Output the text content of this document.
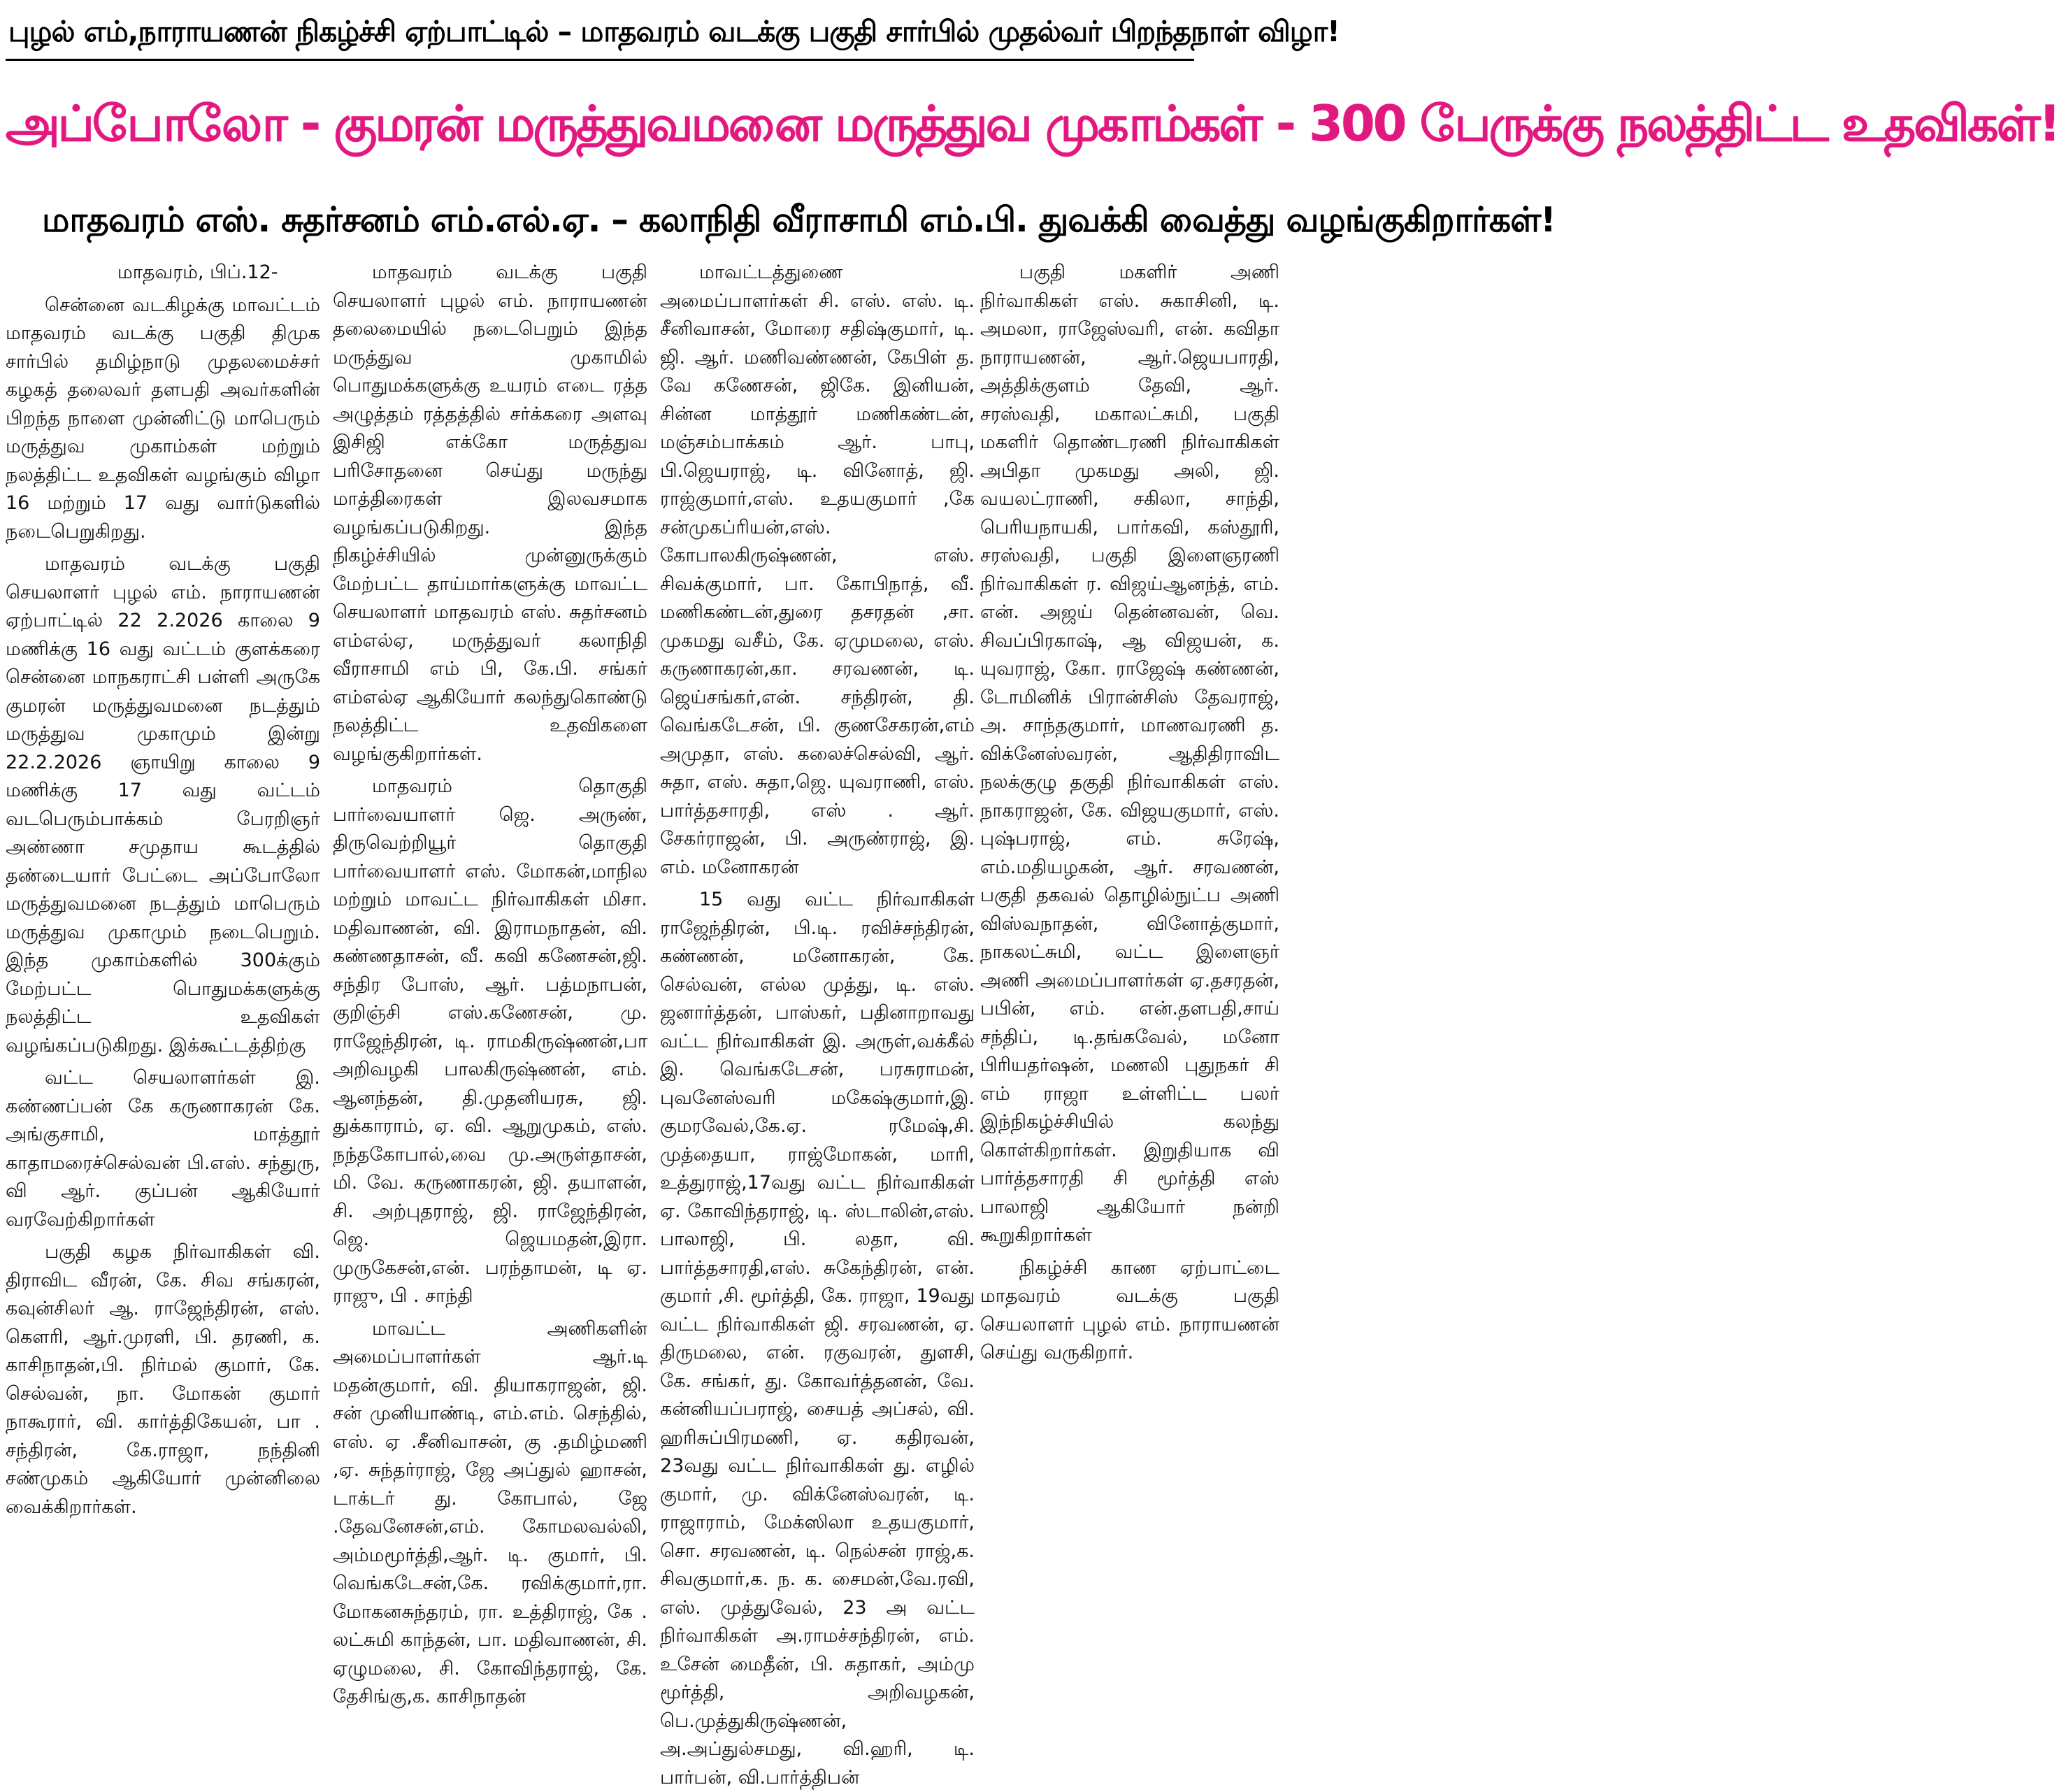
புழல் எம்,நாராயணன் நிகழ்ச்சி ஏற்பாட்டில் – மாதவரம் வடக்கு பகுதி சார்பில் முதல்வர் பிறந்தநாள் விழா!
அப்போலோ - குமரன் மருத்துவமனை மருத்துவ முகாம்கள் - 300 பேருக்கு நலத்திட்ட உதவிகள்!
மாதவரம் எஸ். சுதர்சனம் எம்.எல்.ஏ. – கலாநிதி வீராசாமி எம்.பி. துவக்கி வைத்து வழங்குகிறார்கள்!

மாதவரம், பிப்.12-

சென்னை வடகிழக்கு மாவட்டம் மாதவரம் வடக்கு பகுதி திமுக சார்பில் தமிழ்நாடு முதலமைச்சர் கழகத் தலைவர் தளபதி அவர்களின் பிறந்த நாளை முன்னிட்டு மாபெரும் மருத்துவ முகாம்கள் மற்றும் நலத்திட்ட உதவிகள் வழங்கும் விழா 16 மற்றும் 17 வது வார்டுகளில் நடைபெறுகிறது.

மாதவரம் வடக்கு பகுதி செயலாளர் புழல் எம். நாராயணன் ஏற்பாட்டில் 22 2.2026 காலை 9 மணிக்கு 16 வது வட்டம் குளக்கரை சென்னை மாநகராட்சி பள்ளி அருகே குமரன் மருத்துவமனை நடத்தும் மருத்துவ முகாமும் இன்று 22.2.2026 ஞாயிறு காலை 9 மணிக்கு 17 வது வட்டம் வடபெரும்பாக்கம் பேரறிஞர் அண்ணா சமுதாய கூடத்தில் தண்டையார் பேட்டை அப்போலோ மருத்துவமனை நடத்தும் மாபெரும் மருத்துவ முகாமும் நடைபெறும். இந்த முகாம்களில் 300க்கும் மேற்பட்ட பொதுமக்களுக்கு நலத்திட்ட உதவிகள் வழங்கப்படுகிறது. இக்கூட்டத்திற்கு

வட்ட செயலாளர்கள் இ. கண்ணப்பன் கே கருணாகரன் கே. அங்குசாமி, மாத்தூர் காதாமரைச்செல்வன் பி.எஸ். சந்துரு, வி ஆர். குப்பன் ஆகியோர் வரவேற்கிறார்கள்

பகுதி கழக நிர்வாகிகள் வி. திராவிட வீரன், கே. சிவ சங்கரன், கவுன்சிலர் ஆ. ராஜேந்திரன், எஸ். கௌரி, ஆர்.முரளி, பி. தரணி, க. காசிநாதன்,பி. நிர்மல் குமார், கே. செல்வன், நா. மோகன் குமார் நாகூரார், வி. கார்த்திகேயன், பா . சந்திரன், கே.ராஜா, நந்தினி சண்முகம் ஆகியோர் முன்னிலை வைக்கிறார்கள்.

மாதவரம் வடக்கு பகுதி செயலாளர் புழல் எம். நாராயணன் தலைமையில் நடைபெறும் இந்த மருத்துவ முகாமில் பொதுமக்களுக்கு உயரம் எடை ரத்த அழுத்தம் ரத்தத்தில் சர்க்கரை அளவு இசிஜி எக்கோ மருத்துவ பரிசோதனை செய்து மருந்து மாத்திரைகள் இலவசமாக வழங்கப்படுகிறது. இந்த நிகழ்ச்சியில் முன்னுருக்கும் மேற்பட்ட தாய்மார்களுக்கு மாவட்ட செயலாளர் மாதவரம் எஸ். சுதர்சனம் எம்எல்ஏ, மருத்துவர் கலாநிதி வீராசாமி எம் பி, கே.பி. சங்கர் எம்எல்ஏ ஆகியோர் கலந்துகொண்டு நலத்திட்ட உதவிகளை வழங்குகிறார்கள்.

மாதவரம் தொகுதி பார்வையாளர் ஜெ. அருண், திருவெற்றியூர் தொகுதி பார்வையாளர் எஸ். மோகன்,மாநில மற்றும் மாவட்ட நிர்வாகிகள் மிசா. மதிவாணன், வி. இராமநாதன், வி. கண்ணதாசன், வீ. கவி கணேசன்,ஜி. சந்திர போஸ், ஆர். பத்மநாபன், குறிஞ்சி எஸ்.கணேசன், மு. ராஜேந்திரன், டி. ராமகிருஷ்ணன்,பா அறிவழகி பாலகிருஷ்ணன், எம். ஆனந்தன், தி.முதனியரசு, ஜி. துக்காராம், ஏ. வி. ஆறுமுகம், எஸ். நந்தகோபால்,வை மு.அருள்தாசன், மி. வே. கருணாகரன், ஜி. தயாளன், சி. அற்புதராஜ், ஜி. ராஜேந்திரன், ஜெ. ஜெயமதன்,இரா. முருகேசன்,என். பரந்தாமன், டி ஏ. ராஜு, பி . சாந்தி

மாவட்ட அணிகளின் அமைப்பாளர்கள் ஆர்.டி மதன்குமார், வி. தியாகராஜன், ஜி. சன் முனியாண்டி, எம்.எம். செந்தில், எஸ். ஏ .சீனிவாசன், கு .தமிழ்மணி ,ஏ. சுந்தர்ராஜ், ஜே அப்துல் ஹாசன், டாக்டர் து. கோபால், ஜே .தேவனேசன்,எம். கோமலவல்லி, அம்மமூர்த்தி,ஆர். டி. குமார், பி. வெங்கடேசன்,கே. ரவிக்குமார்,ரா. மோகனசுந்தரம், ரா. உத்திராஜ், கே . லட்சுமி காந்தன், பா. மதிவாணன், சி. ஏழுமலை, சி. கோவிந்தராஜ், கே. தேசிங்கு,க. காசிநாதன்

மாவட்டத்துணை அமைப்பாளர்கள் சி. எஸ். எஸ். டி. சீனிவாசன், மோரை சதிஷ்குமார், டி. ஜி. ஆர். மணிவண்ணன், கேபிள் த. வே கணேசன், ஜிகே. இனியன், சின்ன மாத்தூர் மணிகண்டன், மஞ்சம்பாக்கம் ஆர். பாபு, பி.ஜெயராஜ், டி. வினோத், ஜி. ராஜ்குமார்,எஸ். உதயகுமார் ,கே சன்முகப்ரியன்,எஸ். கோபாலகிருஷ்ணன், எஸ். சிவக்குமார், பா. கோபிநாத், வீ. மணிகண்டன்,துரை தசரதன் ,சா. முகமது வசீம், கே. ஏமுமலை, எஸ். கருணாகரன்,கா. சரவணன், டி. ஜெய்சங்கர்,என். சந்திரன், தி. வெங்கடேசன், பி. குணசேகரன்,எம் அமுதா, எஸ். கலைச்செல்வி, ஆர். சுதா, எஸ். சுதா,ஜெ. யுவராணி, எஸ். பார்த்தசாரதி, எஸ் . ஆர். சேகர்ராஜன், பி. அருண்ராஜ், இ. எம். மனோகரன்

15 வது வட்ட நிர்வாகிகள் ராஜேந்திரன், பி.டி. ரவிச்சந்திரன், கண்ணன், மனோகரன், கே. செல்வன், எல்ல முத்து, டி. எஸ். ஜனார்த்தன், பாஸ்கர், பதினாறாவது வட்ட நிர்வாகிகள் இ. அருள்,வக்கீல் இ. வெங்கடேசன், பரசுராமன், புவனேஸ்வரி மகேஷ்குமார்,இ. குமரவேல்,கே.ஏ. ரமேஷ்,சி. முத்தையா, ராஜ்மோகன், மாரி, உத்துராஜ்,17வது வட்ட நிர்வாகிகள் ஏ. கோவிந்தராஜ், டி. ஸ்டாலின்,எஸ். பாலாஜி, பி. லதா, வி. பார்த்தசாரதி,எஸ். சுகேந்திரன், என். குமார் ,சி. மூர்த்தி, கே. ராஜா, 19வது வட்ட நிர்வாகிகள் ஜி. சரவணன், ஏ. திருமலை, என். ரகுவரன், துளசி, கே. சங்கர், து. கோவர்த்தனன், வே. கன்னியப்பராஜ், சையத் அப்சல், வி. ஹரிசுப்பிரமணி, ஏ. கதிரவன், 23வது வட்ட நிர்வாகிகள் து. எழில் குமார், மு. விக்னேஸ்வரன், டி. ராஜாராம், மேக்ஸிலா உதயகுமார், சொ. சரவணன், டி. நெல்சன் ராஜ்,க. சிவகுமார்,க. ந. க. சைமன்,வே.ரவி, எஸ். முத்துவேல், 23 அ வட்ட நிர்வாகிகள் அ.ராமச்சந்திரன், எம். உசேன் மைதீன், பி. சுதாகர், அம்மு மூர்த்தி, அறிவழகன், பெ.முத்துகிருஷ்ணன், அ.அப்துல்சமது, வி.ஹரி, டி. பார்பன், வி.பார்த்திபன்

பகுதி மகளிர் அணி நிர்வாகிகள் எஸ். சுகாசினி, டி. அமலா, ராஜேஸ்வரி, என். கவிதா நாராயணன், ஆர்.ஜெயபாரதி, அத்திக்குளம் தேவி, ஆர். சரஸ்வதி, மகாலட்சுமி, பகுதி மகளிர் தொண்டரணி நிர்வாகிகள் அபிதா முகமது அலி, ஜி. வயலட்ராணி, சகிலா, சாந்தி, பெரியநாயகி, பார்கவி, கஸ்தூரி, சரஸ்வதி, பகுதி இளைஞரணி நிர்வாகிகள் ர. விஜய்ஆனந்த், எம். என். அஜய் தென்னவன், வெ. சிவப்பிரகாஷ், ஆ விஜயன், க. யுவராஜ், கோ. ராஜேஷ் கண்ணன், டோமினிக் பிரான்சிஸ் தேவராஜ், அ. சாந்தகுமார், மாணவரணி த. விக்னேஸ்வரன், ஆதிதிராவிட நலக்குழு தகுதி நிர்வாகிகள் எஸ். நாகராஜன், கே. விஜயகுமார், எஸ். புஷ்பராஜ், எம். சுரேஷ், எம்.மதியழகன், ஆர். சரவணன், பகுதி தகவல் தொழில்நுட்ப அணி விஸ்வநாதன், வினோத்குமார், நாகலட்சுமி, வட்ட இளைஞர் அணி அமைப்பாளர்கள் ஏ.தசரதன், பபின், எம். என்.தளபதி,சாய் சந்திப், டி.தங்கவேல், மனோ பிரியதர்ஷன், மணலி புதுநகர் சி எம் ராஜா உள்ளிட்ட பலர் இந்நிகழ்ச்சியில் கலந்து கொள்கிறார்கள். இறுதியாக வி பார்த்தசாரதி சி மூர்த்தி எஸ் பாலாஜி ஆகியோர் நன்றி கூறுகிறார்கள்

நிகழ்ச்சி காண ஏற்பாட்டை மாதவரம் வடக்கு பகுதி செயலாளர் புழல் எம். நாராயணன் செய்து வருகிறார்.
